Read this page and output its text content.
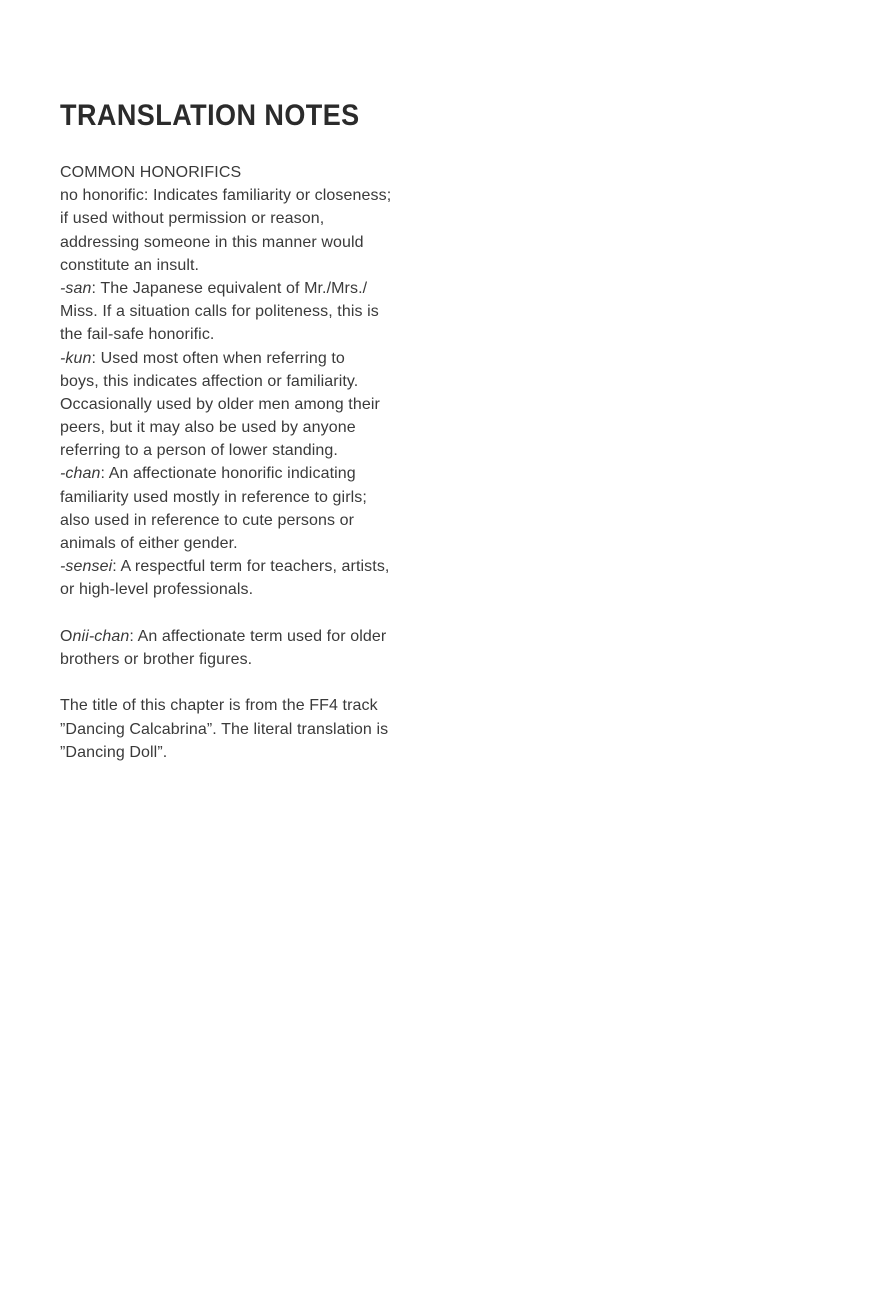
TRANSLATION NOTES
COMMON HONORIFICS
no honorific: Indicates familiarity or closeness;
if used without permission or reason,
addressing someone in this manner would
constitute an insult.
-san: The Japanese equivalent of Mr./Mrs./
Miss. If a situation calls for politeness, this is
the fail-safe honorific.
-kun: Used most often when referring to
boys, this indicates affection or familiarity.
Occasionally used by older men among their
peers, but it may also be used by anyone
referring to a person of lower standing.
-chan: An affectionate honorific indicating
familiarity used mostly in reference to girls;
also used in reference to cute persons or
animals of either gender.
-sensei: A respectful term for teachers, artists,
or high-level professionals.
Onii-chan: An affectionate term used for older
brothers or brother figures.
The title of this chapter is from the FF4 track
”Dancing Calcabrina”. The literal translation is
”Dancing Doll”.
